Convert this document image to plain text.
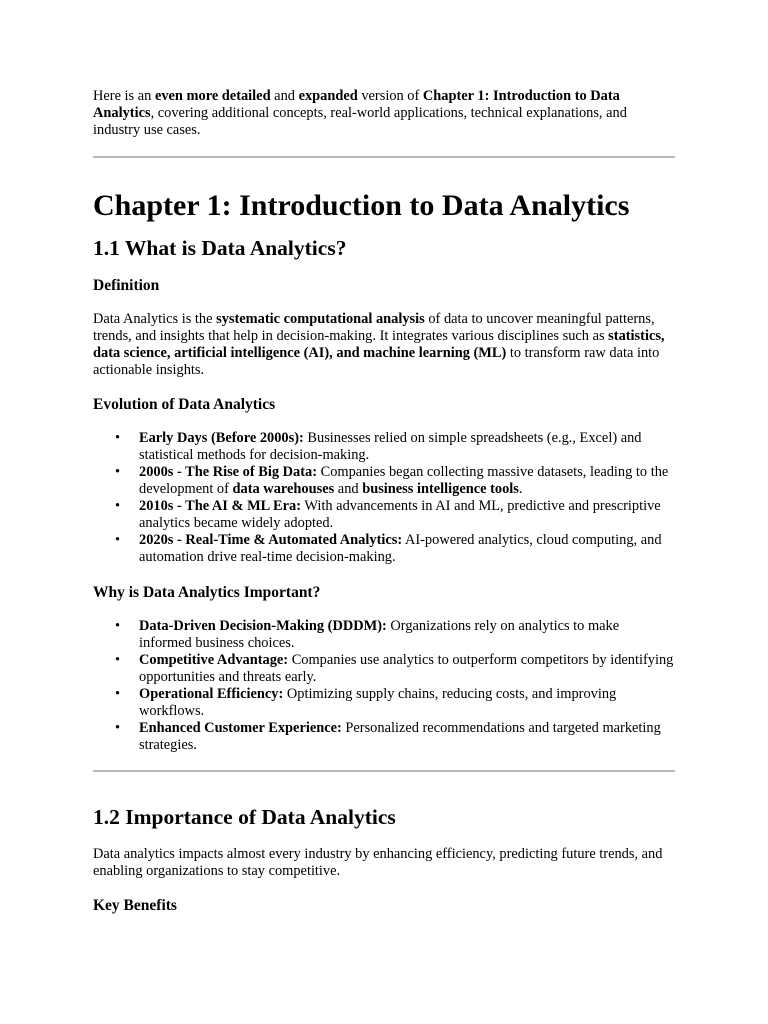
Here is an even more detailed and expanded version of Chapter 1: Introduction to Data Analytics, covering additional concepts, real-world applications, technical explanations, and industry use cases.

Chapter 1: Introduction to Data Analytics
1.1 What is Data Analytics?
Definition

Data Analytics is the systematic computational analysis of data to uncover meaningful patterns, trends, and insights that help in decision-making. It integrates various disciplines such as statistics, data science, artificial intelligence (AI), and machine learning (ML) to transform raw data into actionable insights.

Evolution of Data Analytics
• Early Days (Before 2000s): Businesses relied on simple spreadsheets (e.g., Excel) and statistical methods for decision-making.
• 2000s - The Rise of Big Data: Companies began collecting massive datasets, leading to the development of data warehouses and business intelligence tools.
• 2010s - The AI & ML Era: With advancements in AI and ML, predictive and prescriptive analytics became widely adopted.
• 2020s - Real-Time & Automated Analytics: AI-powered analytics, cloud computing, and automation drive real-time decision-making.
Why is Data Analytics Important?
• Data-Driven Decision-Making (DDDM): Organizations rely on analytics to make informed business choices.
• Competitive Advantage: Companies use analytics to outperform competitors by identifying opportunities and threats early.
• Operational Efficiency: Optimizing supply chains, reducing costs, and improving workflows.
• Enhanced Customer Experience: Personalized recommendations and targeted marketing strategies.
1.2 Importance of Data Analytics

Data analytics impacts almost every industry by enhancing efficiency, predicting future trends, and enabling organizations to stay competitive.

Key Benefits
